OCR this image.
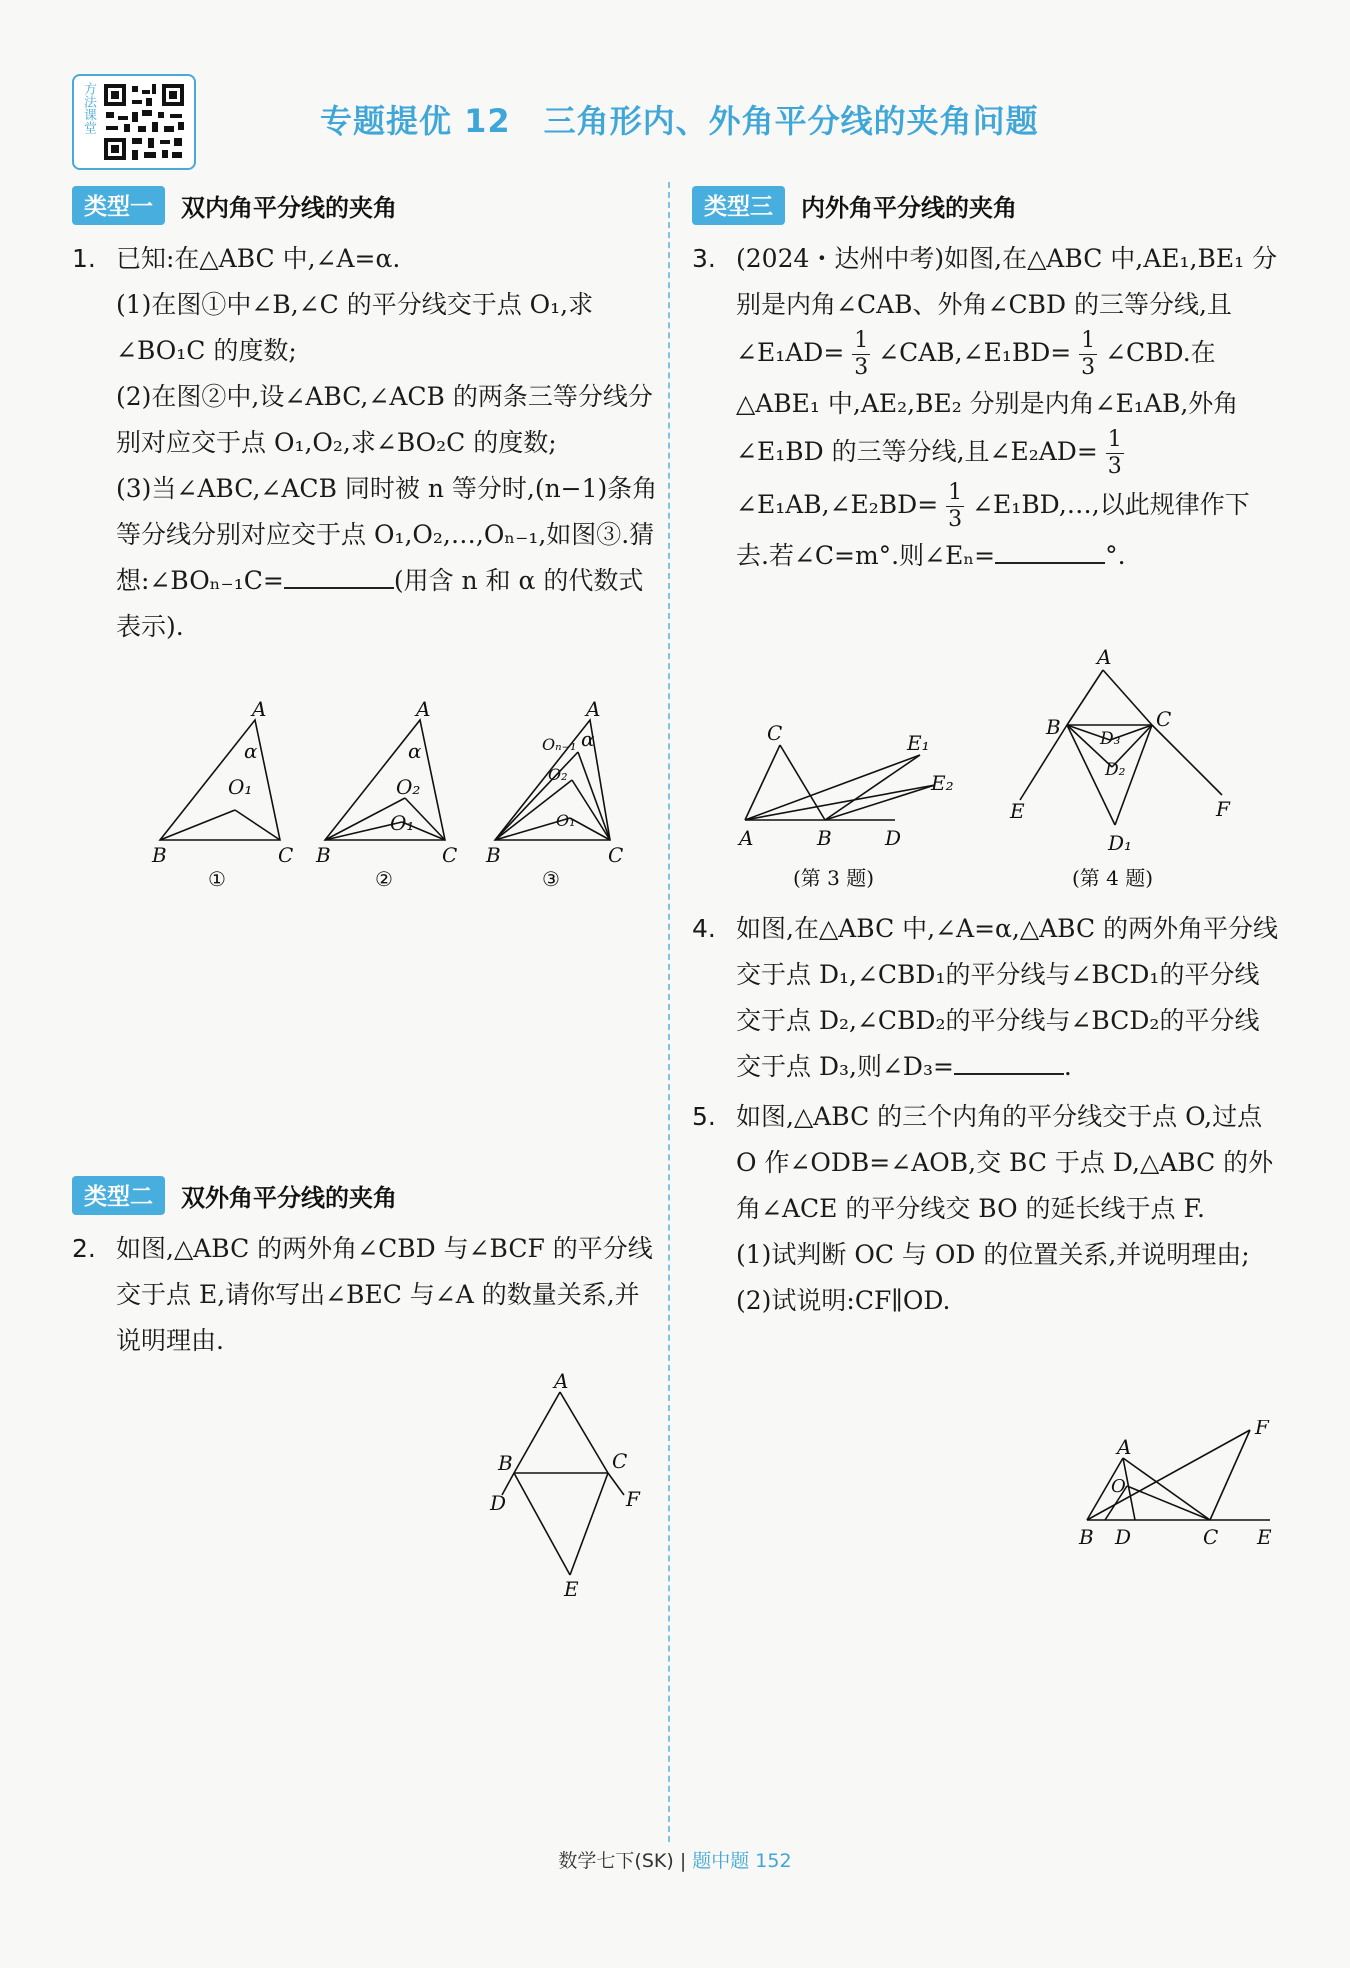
方法课堂	专题提优 12　三角形内、外角平分线的夹角问题
类型一	双内角平分线的夹角
1. 已知:在△ABC 中,∠A=α.
(1)在图①中∠B,∠C 的平分线交于点 O₁,求∠BO₁C 的度数;
(2)在图②中,设∠ABC,∠ACB 的两条三等分线分别对应交于点 O₁,O₂,求∠BO₂C 的度数;
(3)当∠ABC,∠ACB 同时被 n 等分时,(n−1)条角等分线分别对应交于点 O₁,O₂,…,Oₙ₋₁,如图③.猜想:∠BOₙ₋₁C=	(用含 n 和 α 的代数式表示).
A
α
O₁
B	C
①
A
α
O₂
O₁
B	C
②
A
α
Oₙ₋₁
O₂
O₁
B	C
③
类型二	双外角平分线的夹角
2. 如图,△ABC 的两外角∠CBD 与∠BCF 的平分线交于点 E,请你写出∠BEC 与∠A 的数量关系,并说明理由.
A
B	C
D	F
E
类型三	内外角平分线的夹角
3. (2024・达州中考)如图,在△ABC 中,AE₁,BE₁ 分别是内角∠CAB、外角∠CBD 的三等分线,且∠E₁AD= $\frac{1}{3}$ ∠CAB,∠E₁BD= $\frac{1}{3}$ ∠CBD.在△ABE₁ 中,AE₂,BE₂ 分别是内角∠E₁AB,外角∠E₁BD 的三等分线,且∠E₂AD= $\frac{1}{3}$
∠E₁AB,∠E₂BD= $\frac{1}{3}$ ∠E₁BD,…,以此规律作下去.若∠C=m°.则∠Eₙ=	°.
C	E₁
E₂
A	B	D
(第 3 题)
A
B	C
D₃
D₂
D₁
E	F
(第 4 题)
4. 如图,在△ABC 中,∠A=α,△ABC 的两外角平分线交于点 D₁,∠CBD₁的平分线与∠BCD₁的平分线交于点 D₂,∠CBD₂的平分线与∠BCD₂的平分线交于点 D₃,则∠D₃=	.
5. 如图,△ABC 的三个内角的平分线交于点 O,过点 O 作∠ODB=∠AOB,交 BC 于点 D,△ABC 的外角∠ACE 的平分线交 BO 的延长线于点 F.
(1)试判断 OC 与 OD 的位置关系,并说明理由;
(2)试说明:CF∥OD.
A
O
F
B D	C E
数学七下(SK) | 题中题 152
